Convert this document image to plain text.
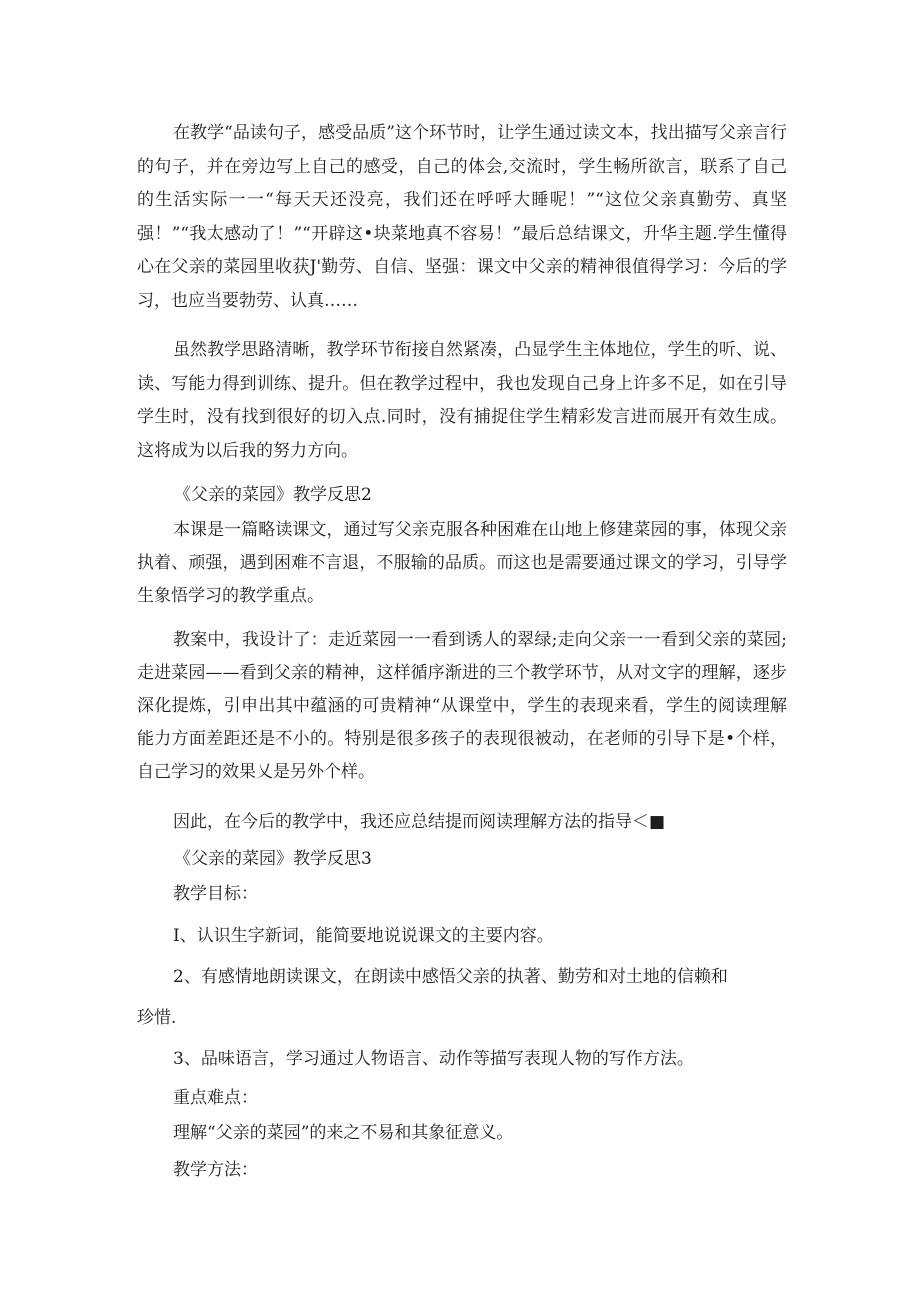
在教学“品读句子，感受品质”这个环节时，让学生通过读文本，找出描写父亲言行的句子，并在旁边写上自己的感受，自己的体会,交流时，学生畅所欲言，联系了自己的生活实际一一“每天天还没亮，我们还在呼呼大睡呢！”“这位父亲真勤劳、真坚强！”“我太感动了！”“开辟这•块菜地真不容易！”最后总结课文，升华主题.学生懂得心在父亲的菜园里收获J'勤劳、自信、坚强：课文中父亲的精神很值得学习：今后的学习，也应当要勃劳、认真……

虽然教学思路清晰，教学环节衔接自然紧凑，凸显学生主体地位，学生的听、说、读、写能力得到训练、提升。但在教学过程中，我也发现自己身上许多不足，如在引导学生时，没有找到很好的切入点.同时，没有捕捉住学生精彩发言进而展开有效生成。这将成为以后我的努力方向。

《父亲的菜园》教学反思2

本课是一篇略读课文，通过写父亲克服各种困难在山地上修建菜园的事，体现父亲执着、顽强，遇到困难不言退，不服输的品质。而这也是需要通过课文的学习，引导学生象悟学习的教学重点。

教案中，我设计了：走近菜园一一看到诱人的翠绿;走向父亲一一看到父亲的菜园;走进菜园——看到父亲的精神，这样循序渐进的三个教学环节，从对文字的理解，逐步深化提炼，引申出其中蕴涵的可贵精神“从课堂中，学生的表现来看，学生的阅读理解能力方面差距还是不小的。特别是很多孩子的表现很被动，在老师的引导下是•个样，自己学习的效果乂是另外个样。

因此，在今后的教学中，我还应总结提而阅读理解方法的指导＜■

《父亲的菜园》教学反思3

教学目标：

I、认识生字新词，能简要地说说课文的主要内容。

2、有感情地朗读课文，在朗读中感悟父亲的执著、勤劳和对土地的信赖和

珍惜.

3、品味语言，学习通过人物语言、动作等描写表现人物的写作方法。

重点难点：

理解“父亲的菜园”的来之不易和其象征意义。

教学方法：
